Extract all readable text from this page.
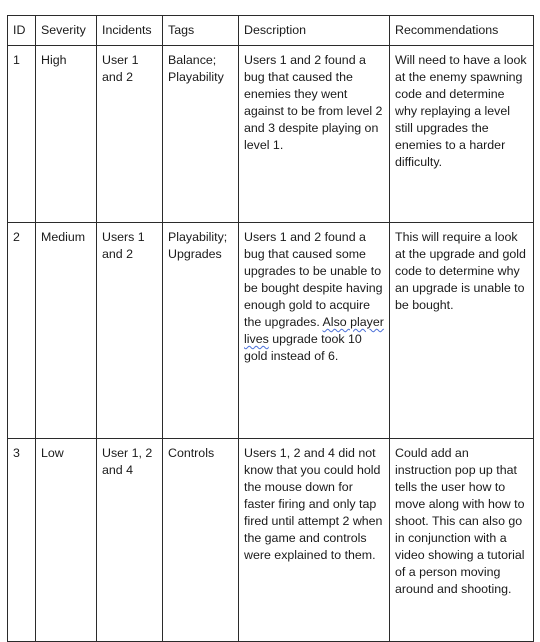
ID	Severity	Incidents	Tags	Description	Recommendations
1	High	User 1 and 2	Balance; Playability	Users 1 and 2 found a bug that caused the enemies they went against to be from level 2 and 3 despite playing on level 1.	Will need to have a look at the enemy spawning code and determine why replaying a level still upgrades the enemies to a harder difficulty.
2	Medium	Users 1 and 2	Playability; Upgrades	Users 1 and 2 found a bug that caused some upgrades to be unable to be bought despite having enough gold to acquire the upgrades. Also player lives upgrade took 10 gold instead of 6.	This will require a look at the upgrade and gold code to determine why an upgrade is unable to be bought.
3	Low	User 1, 2 and 4	Controls	Users 1, 2 and 4 did not know that you could hold the mouse down for faster firing and only tap fired until attempt 2 when the game and controls were explained to them.	Could add an instruction pop up that tells the user how to move along with how to shoot. This can also go in conjunction with a video showing a tutorial of a person moving around and shooting.
